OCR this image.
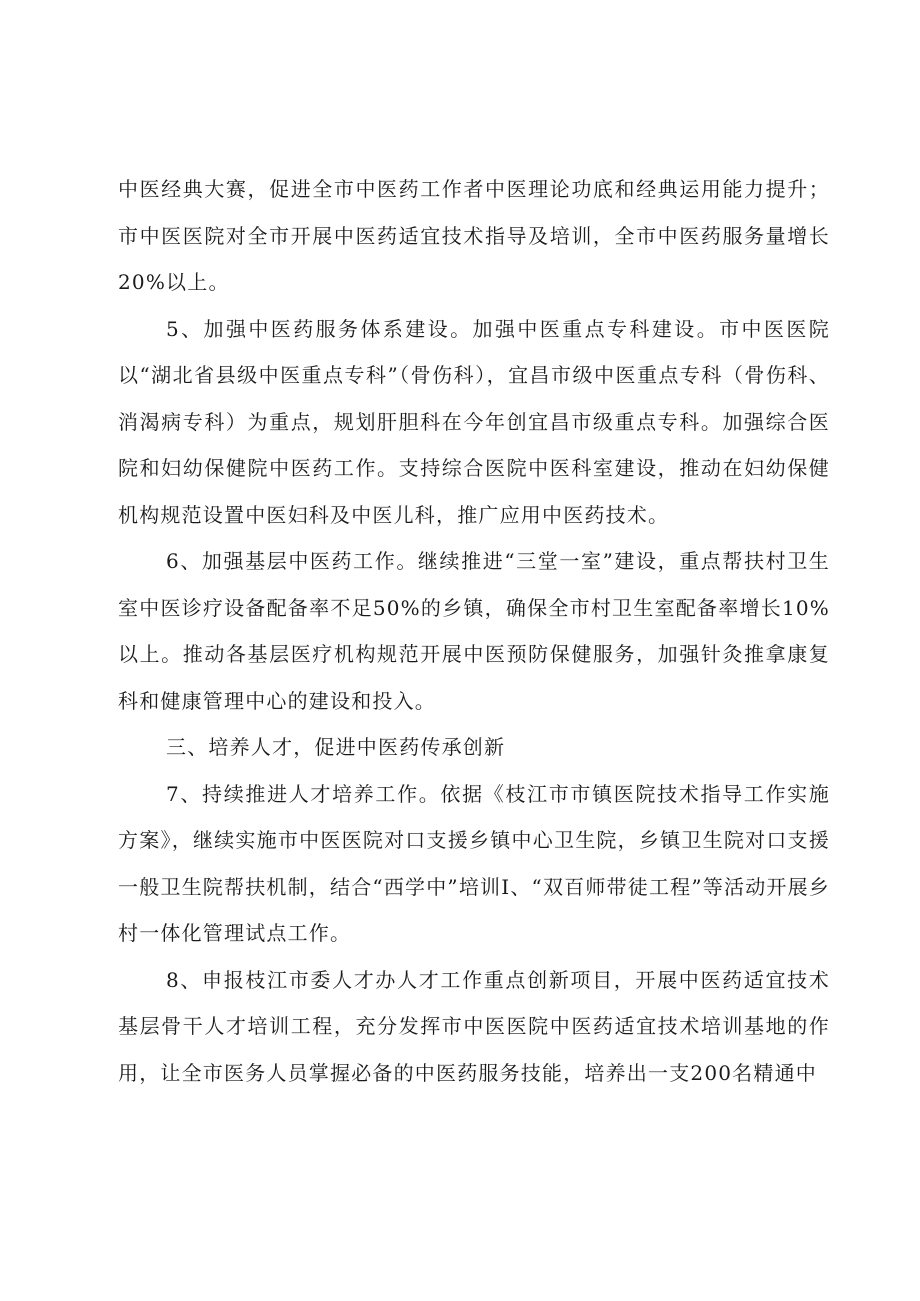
中医经典大赛，促进全市中医药工作者中医理论功底和经典运用能力提升；市中医医院对全市开展中医药适宜技术指导及培训，全市中医药服务量增长20%以上。

5、加强中医药服务体系建设。加强中医重点专科建设。市中医医院以“湖北省县级中医重点专科”（骨伤科），宜昌市级中医重点专科（骨伤科、消渴病专科）为重点，规划肝胆科在今年创宜昌市级重点专科。加强综合医院和妇幼保健院中医药工作。支持综合医院中医科室建设，推动在妇幼保健机构规范设置中医妇科及中医儿科，推广应用中医药技术。

6、加强基层中医药工作。继续推进“三堂一室”建设，重点帮扶村卫生室中医诊疗设备配备率不足50%的乡镇，确保全市村卫生室配备率增长10%以上。推动各基层医疗机构规范开展中医预防保健服务，加强针灸推拿康复科和健康管理中心的建设和投入。

三、培养人才，促进中医药传承创新

7、持续推进人才培养工作。依据《枝江市市镇医院技术指导工作实施方案》，继续实施市中医医院对口支援乡镇中心卫生院，乡镇卫生院对口支援一般卫生院帮扶机制，结合“西学中”培训Ⅰ、“双百师带徒工程”等活动开展乡村一体化管理试点工作。

8、申报枝江市委人才办人才工作重点创新项目，开展中医药适宜技术基层骨干人才培训工程，充分发挥市中医医院中医药适宜技术培训基地的作用，让全市医务人员掌握必备的中医药服务技能，培养出一支200名精通中
